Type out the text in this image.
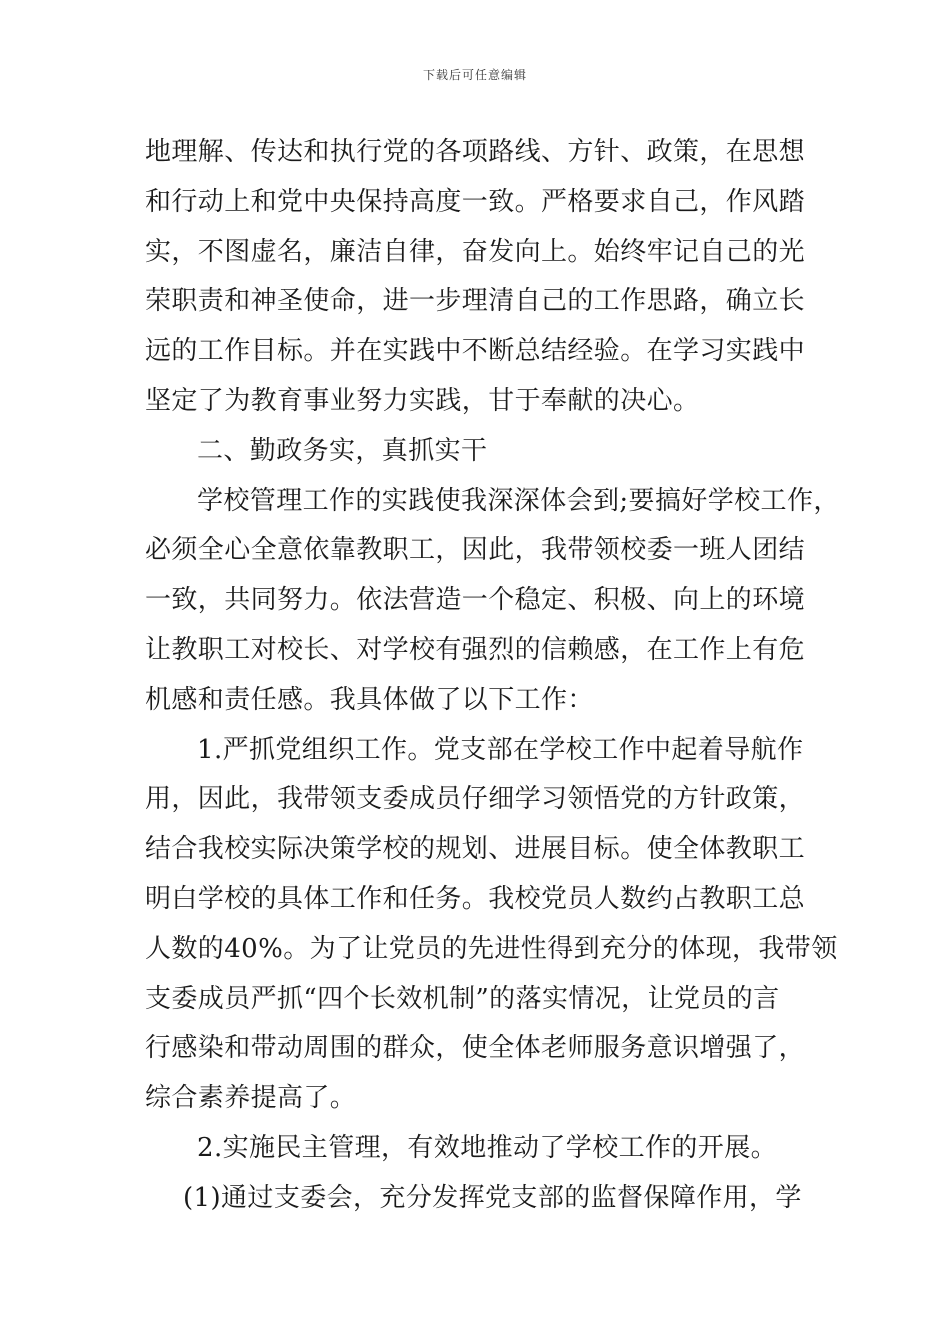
下载后可任意编辑
地理解、传达和执行党的各项路线、方针、政策，在思想
和行动上和党中央保持高度一致。严格要求自己，作风踏
实，不图虚名，廉洁自律，奋发向上。始终牢记自己的光
荣职责和神圣使命，进一步理清自己的工作思路，确立长
远的工作目标。并在实践中不断总结经验。在学习实践中
坚定了为教育事业努力实践，甘于奉献的决心。
二、勤政务实，真抓实干
学校管理工作的实践使我深深体会到;要搞好学校工作，
必须全心全意依靠教职工，因此，我带领校委一班人团结
一致，共同努力。依法营造一个稳定、积极、向上的环境
让教职工对校长、对学校有强烈的信赖感，在工作上有危
机感和责任感。我具体做了以下工作：
1.严抓党组织工作。党支部在学校工作中起着导航作
用，因此，我带领支委成员仔细学习领悟党的方针政策，
结合我校实际决策学校的规划、进展目标。使全体教职工
明白学校的具体工作和任务。我校党员人数约占教职工总
人数的40%。为了让党员的先进性得到充分的体现，我带领
支委成员严抓“四个长效机制”的落实情况，让党员的言
行感染和带动周围的群众，使全体老师服务意识增强了，
综合素养提高了。
2.实施民主管理，有效地推动了学校工作的开展。
(1)通过支委会，充分发挥党支部的监督保障作用，学
